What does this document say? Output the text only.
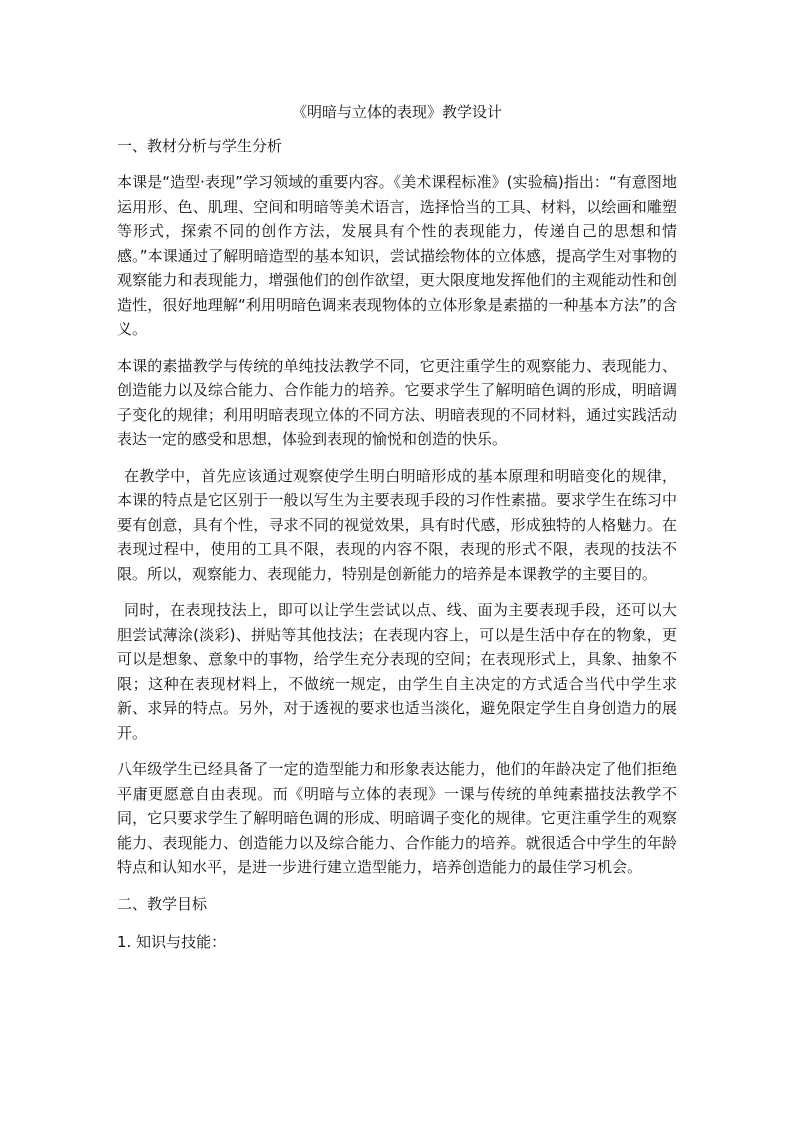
《明暗与立体的表现》教学设计
一、教材分析与学生分析

本课是“造型·表现”学习领域的重要内容。《美术课程标准》(实验稿)指出：“有意图地运用形、色、肌理、空间和明暗等美术语言，选择恰当的工具、材料，以绘画和雕塑等形式，探索不同的创作方法，发展具有个性的表现能力，传递自己的思想和情感。”本课通过了解明暗造型的基本知识，尝试描绘物体的立体感，提高学生对事物的观察能力和表现能力，增强他们的创作欲望，更大限度地发挥他们的主观能动性和创造性，很好地理解“利用明暗色调来表现物体的立体形象是素描的一种基本方法”的含义。

本课的素描教学与传统的单纯技法教学不同，它更注重学生的观察能力、表现能力、创造能力以及综合能力、合作能力的培养。它要求学生了解明暗色调的形成，明暗调子变化的规律；利用明暗表现立体的不同方法、明暗表现的不同材料，通过实践活动表达一定的感受和思想，体验到表现的愉悦和创造的快乐。

在教学中，首先应该通过观察使学生明白明暗形成的基本原理和明暗变化的规律，本课的特点是它区别于一般以写生为主要表现手段的习作性素描。要求学生在练习中要有创意，具有个性，寻求不同的视觉效果，具有时代感，形成独特的人格魅力。在表现过程中，使用的工具不限，表现的内容不限，表现的形式不限，表现的技法不限。所以，观察能力、表现能力，特别是创新能力的培养是本课教学的主要目的。

同时，在表现技法上，即可以让学生尝试以点、线、面为主要表现手段，还可以大胆尝试薄涂(淡彩)、拼贴等其他技法；在表现内容上，可以是生活中存在的物象，更可以是想象、意象中的事物，给学生充分表现的空间；在表现形式上，具象、抽象不限；这种在表现材料上，不做统一规定，由学生自主决定的方式适合当代中学生求新、求异的特点。另外，对于透视的要求也适当淡化，避免限定学生自身创造力的展开。

八年级学生已经具备了一定的造型能力和形象表达能力，他们的年龄决定了他们拒绝平庸更愿意自由表现。而《明暗与立体的表现》一课与传统的单纯素描技法教学不同，它只要求学生了解明暗色调的形成、明暗调子变化的规律。它更注重学生的观察能力、表现能力、创造能力以及综合能力、合作能力的培养。就很适合中学生的年龄特点和认知水平，是进一步进行建立造型能力，培养创造能力的最佳学习机会。

二、教学目标
1. 知识与技能：
